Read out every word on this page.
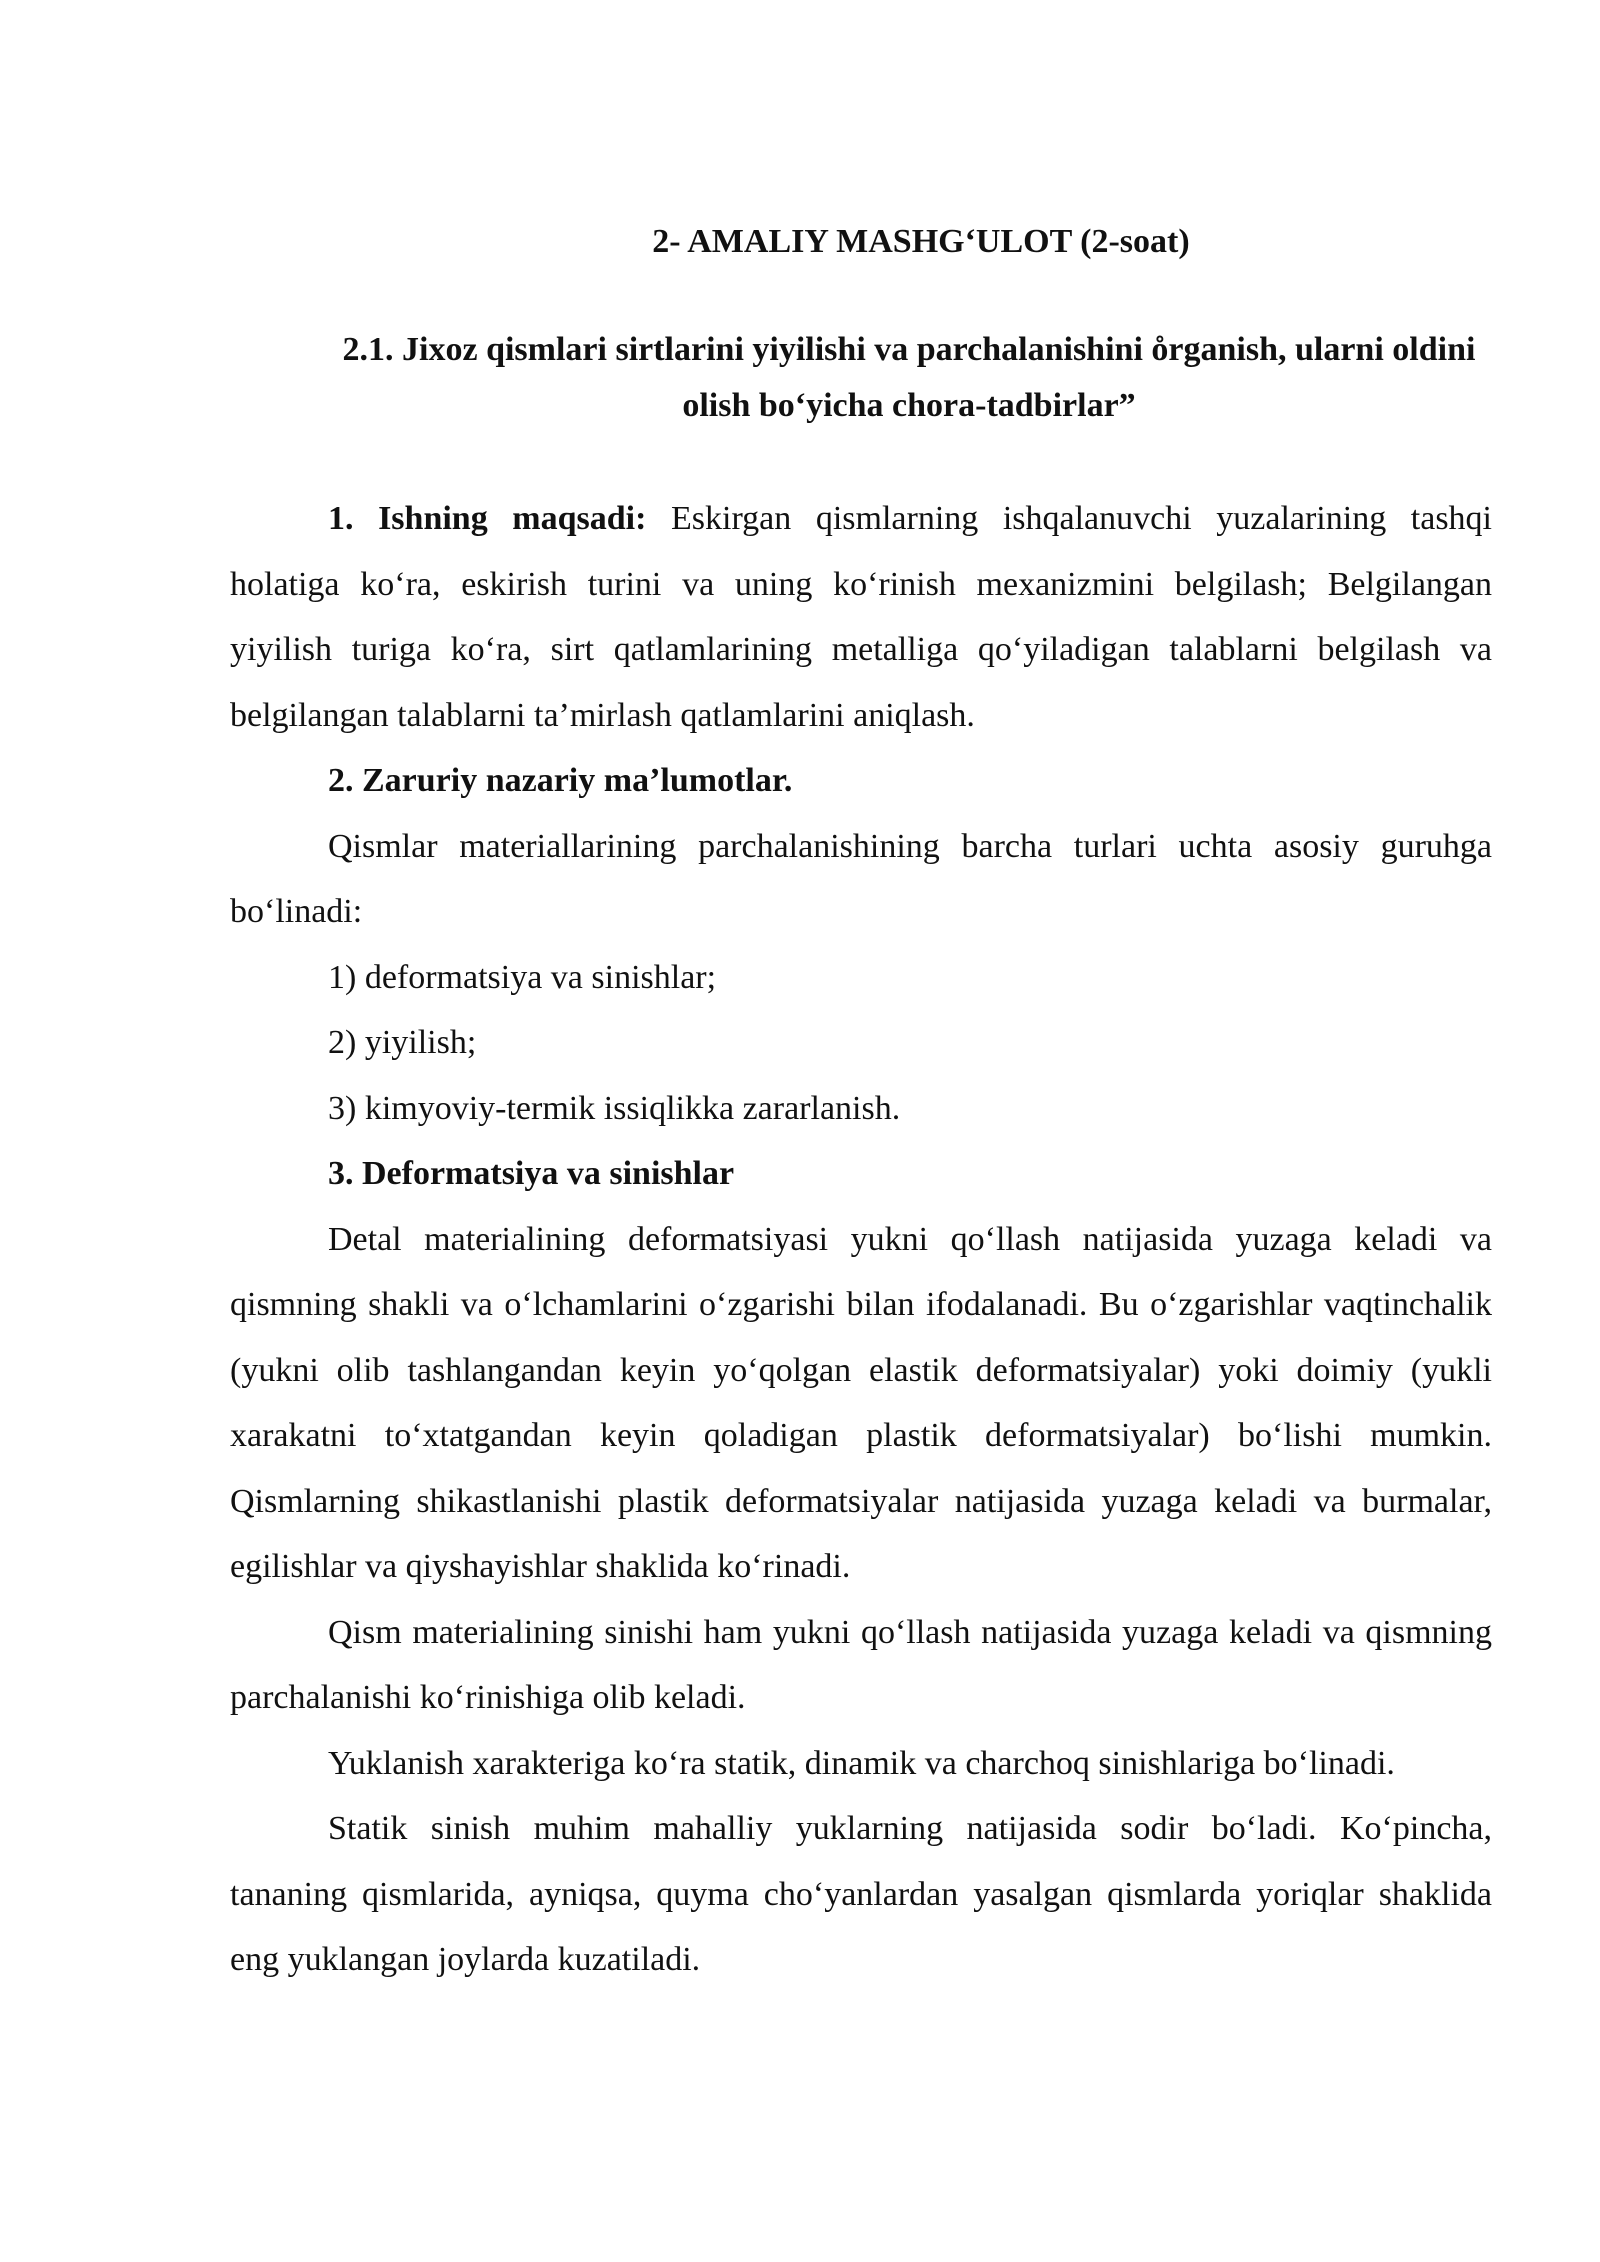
2- AMALIY MASHG‘ULOT (2-soat)
2.1. Jixoz qismlari sirtlarini yiyilishi va parchalanishini o̊rganish, ularni oldini olish bo‘yicha chora-tadbirlar”

1. Ishning maqsadi: Eskirgan qismlarning ishqalanuvchi yuzalarining tashqi holatiga ko‘ra, eskirish turini va uning ko‘rinish mexanizmini belgilash; Belgilangan yiyilish turiga ko‘ra, sirt qatlamlarining metalliga qo‘yiladigan talablarni belgilash va belgilangan talablarni ta’mirlash qatlamlarini aniqlash.

2. Zaruriy nazariy ma’lumotlar.

Qismlar materiallarining parchalanishining barcha turlari uchta asosiy guruhga bo‘linadi:

1) deformatsiya va sinishlar;
2) yiyilish;
3) kimyoviy-termik issiqlikka zararlanish.
3. Deformatsiya va sinishlar

Detal materialining deformatsiyasi yukni qo‘llash natijasida yuzaga keladi va qismning shakli va o‘lchamlarini o‘zgarishi bilan ifodalanadi. Bu o‘zgarishlar vaqtinchalik (yukni olib tashlangandan keyin yo‘qolgan elastik deformatsiyalar) yoki doimiy (yukli xarakatni to‘xtatgandan keyin qoladigan plastik deformatsiyalar) bo‘lishi mumkin. Qismlarning shikastlanishi plastik deformatsiyalar natijasida yuzaga keladi va burmalar, egilishlar va qiyshayishlar shaklida ko‘rinadi.

Qism materialining sinishi ham yukni qo‘llash natijasida yuzaga keladi va qismning parchalanishi ko‘rinishiga olib keladi.

Yuklanish xarakteriga ko‘ra statik, dinamik va charchoq sinishlariga bo‘linadi.

Statik sinish muhim mahalliy yuklarning natijasida sodir bo‘ladi. Ko‘pincha, tananing qismlarida, ayniqsa, quyma cho‘yanlardan yasalgan qismlarda yoriqlar shaklida eng yuklangan joylarda kuzatiladi.
